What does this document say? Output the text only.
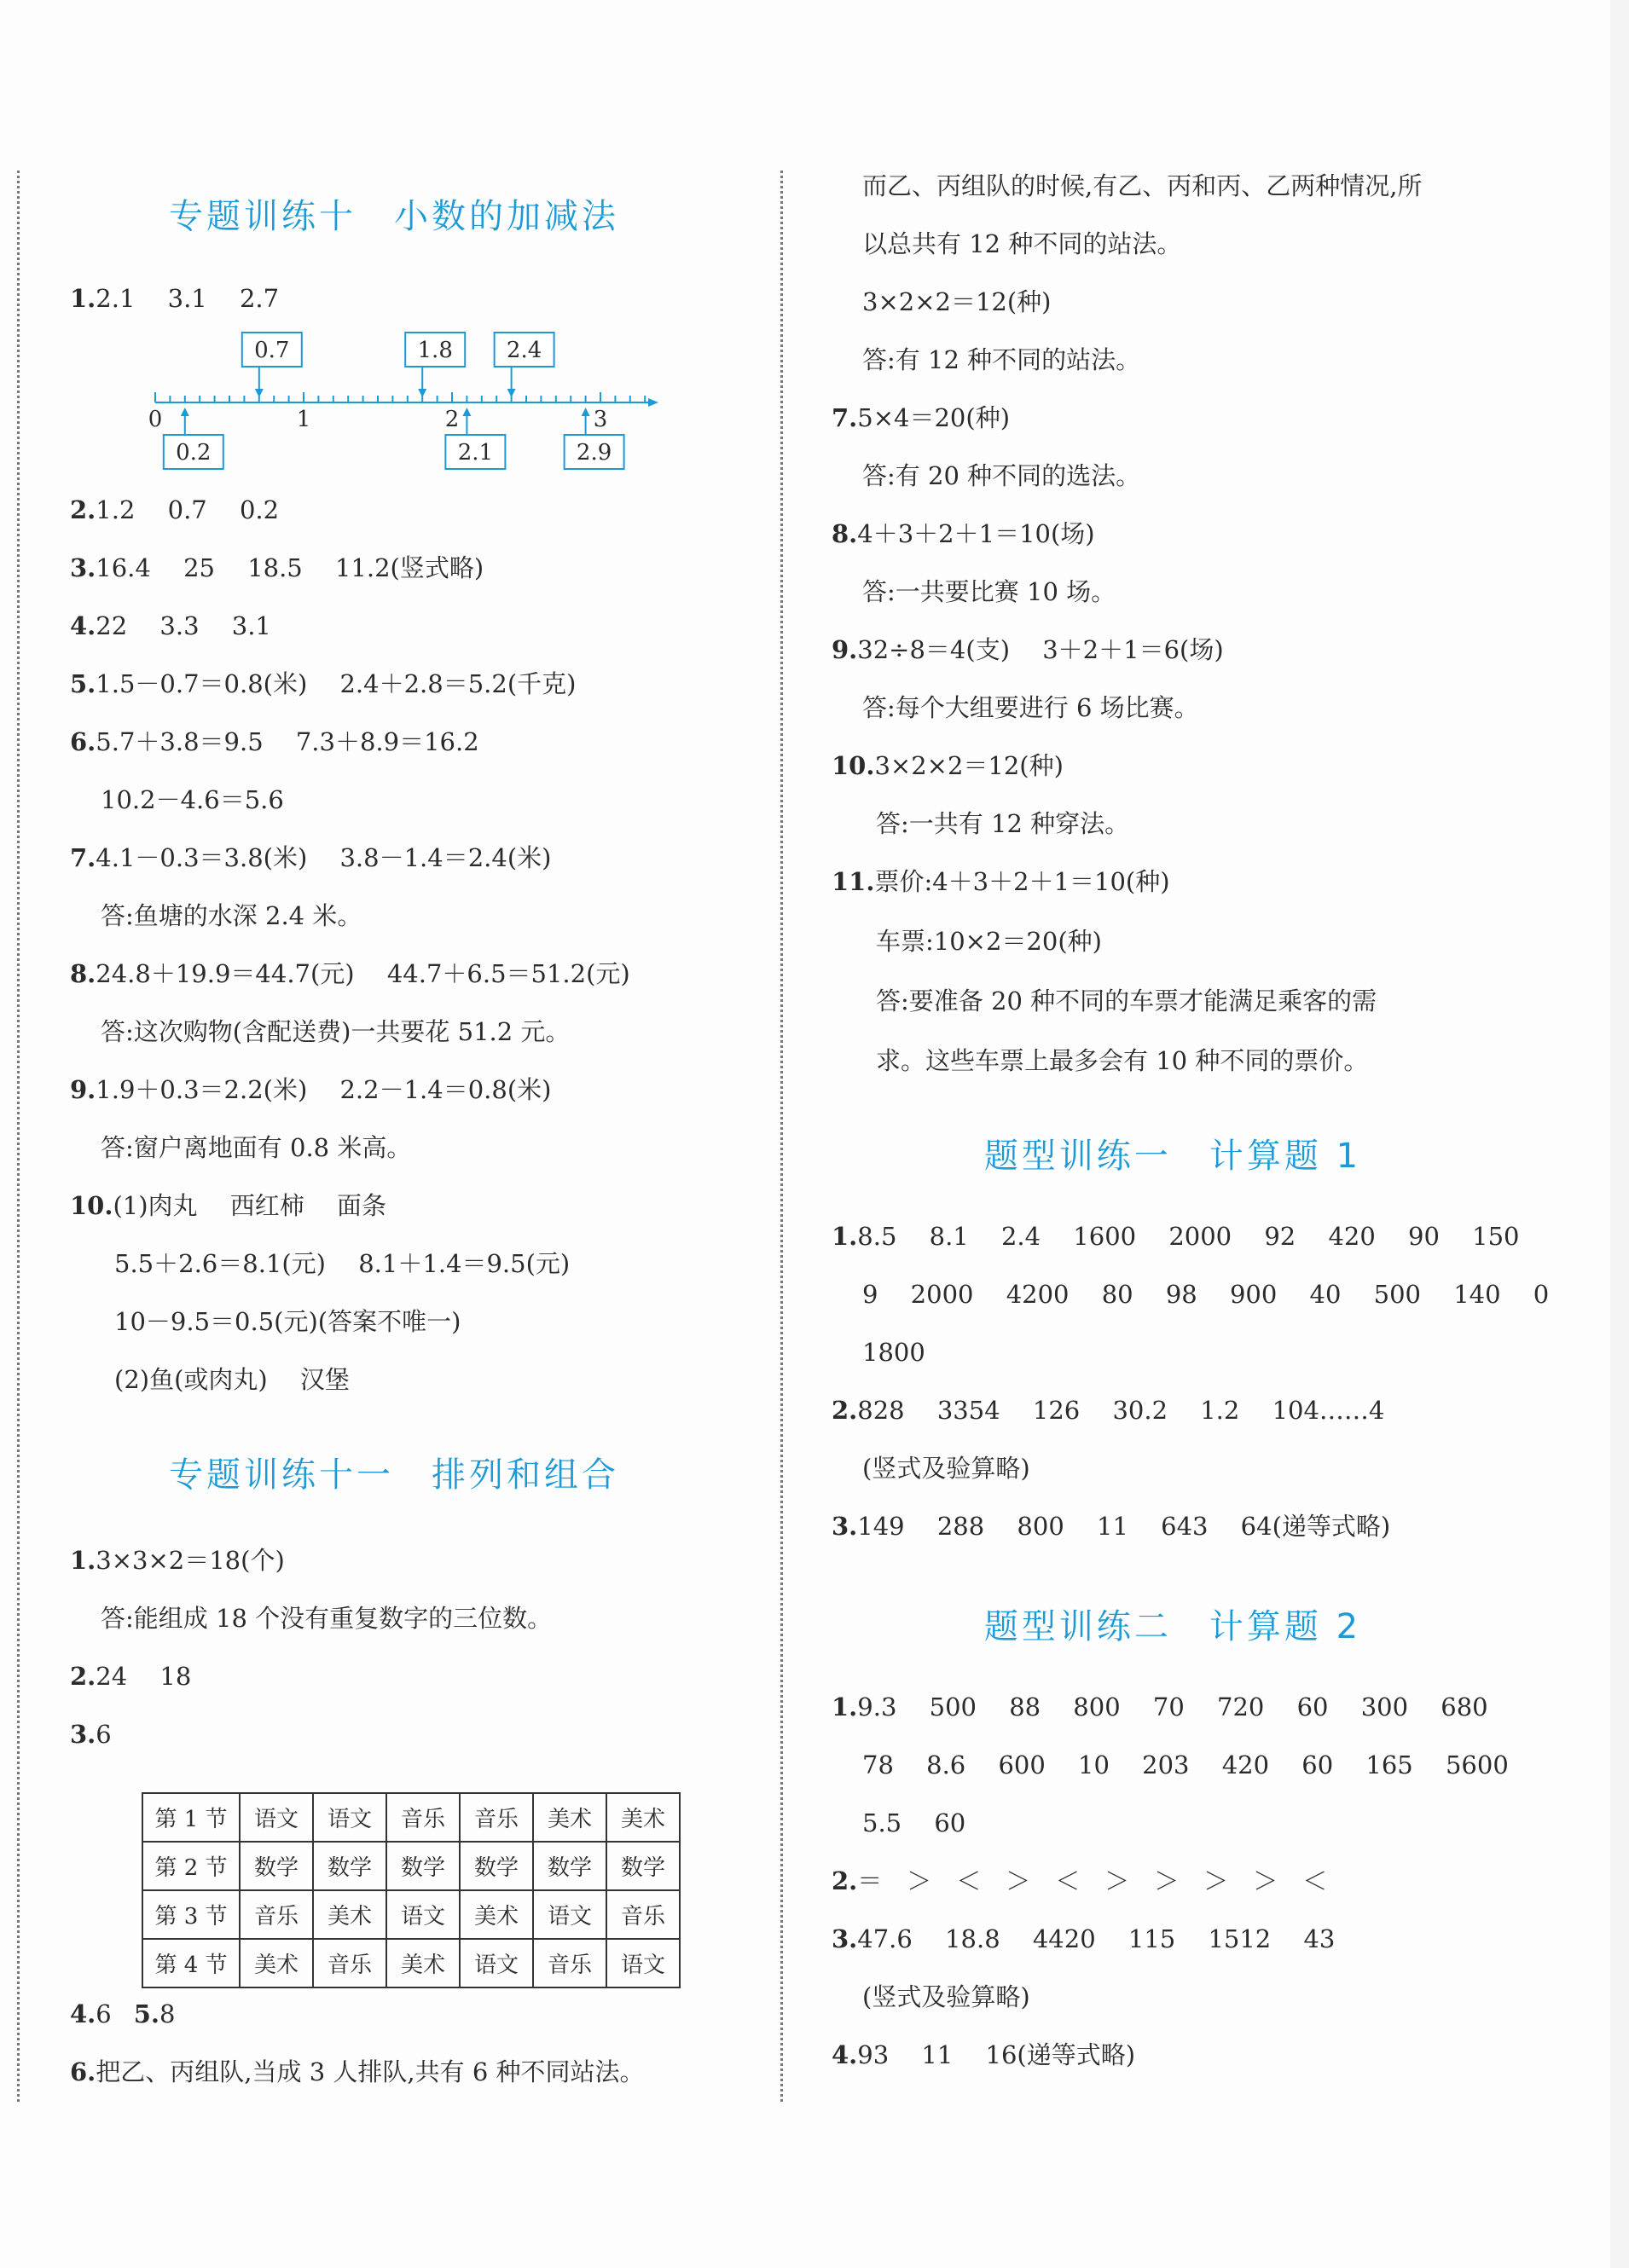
专题训练十　小数的加减法
1.2.1　 3.1　 2.7
0	1	2	3
0.7	1.8 2.4
0.2	2.1	2.9
2.1.2　 0.7　 0.2
3.16.4　 25　 18.5　 11.2(竖式略)
4.22　 3.3　 3.1
5.1.5－0.7＝0.8(米)　 2.4＋2.8＝5.2(千克)
6.5.7＋3.8＝9.5　 7.3＋8.9＝16.2
10.2－4.6＝5.6
7.4.1－0.3＝3.8(米)　 3.8－1.4＝2.4(米)
答:鱼塘的水深 2.4 米。
8.24.8＋19.9＝44.7(元)　 44.7＋6.5＝51.2(元)
答:这次购物(含配送费)一共要花 51.2 元。
9.1.9＋0.3＝2.2(米)　 2.2－1.4＝0.8(米)
答:窗户离地面有 0.8 米高。
10.(1)肉丸　 西红柿　 面条
5.5＋2.6＝8.1(元)　 8.1＋1.4＝9.5(元)
10－9.5＝0.5(元)(答案不唯一)
(2)鱼(或肉丸)　 汉堡
专题训练十一　排列和组合
1.3×3×2＝18(个)
答:能组成 18 个没有重复数字的三位数。
2.24　 18
3.6
第 1 节	语文	语文	音乐	音乐	美术	美术
第 2 节	数学	数学	数学	数学	数学	数学
第 3 节	音乐	美术	语文	美术	语文	音乐
第 4 节	美术	音乐	美术	语文	音乐	语文
4.6 5.8
6.把乙、丙组队,当成 3 人排队,共有 6 种不同站法。
而乙、丙组队的时候,有乙、丙和丙、乙两种情况,所
以总共有 12 种不同的站法。
3×2×2＝12(种)
答:有 12 种不同的站法。
7.5×4＝20(种)
答:有 20 种不同的选法。
8.4＋3＋2＋1＝10(场)
答:一共要比赛 10 场。
9.32÷8＝4(支)　 3＋2＋1＝6(场)
答:每个大组要进行 6 场比赛。
10.3×2×2＝12(种)
答:一共有 12 种穿法。
11.票价:4＋3＋2＋1＝10(种)
车票:10×2＝20(种)
答:要准备 20 种不同的车票才能满足乘客的需
求。这些车票上最多会有 10 种不同的票价。
题型训练一　计算题 1
1.8.5　 8.1　 2.4　 1600　 2000　 92　 420　 90　 150
9　 2000　 4200　 80　 98　 900　 40　 500　 140　 0
1800
2.828　 3354　 126　 30.2　 1.2　 104……4
(竖式及验算略)
3.149　 288　 800　 11　 643　 64(递等式略)
题型训练二　计算题 2
1.9.3　 500　 88　 800　 70　 720　 60　 300　 680
78　 8.6　 600　 10　 203　 420　 60　 165　 5600
5.5　 60
2.＝　＞　＜　＞　＜　＞　＞　＞　＞　＜
3.47.6　 18.8　 4420　 115　 1512　 43
(竖式及验算略)
4.93　 11　 16(递等式略)
